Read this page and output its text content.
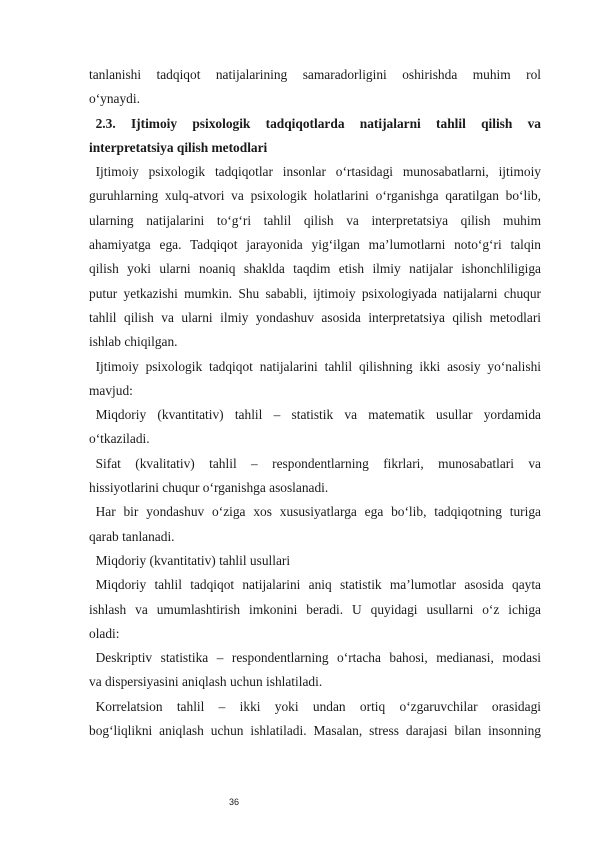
tanlanishi tadqiqot natijalarining samaradorligini oshirishda muhim rol
o‘ynaydi.
2.3. Ijtimoiy psixologik tadqiqotlarda natijalarni tahlil qilish va
interpretatsiya qilish metodlari
Ijtimoiy psixologik tadqiqotlar insonlar o‘rtasidagi munosabatlarni, ijtimoiy
guruhlarning xulq-atvori va psixologik holatlarini o‘rganishga qaratilgan bo‘lib,
ularning natijalarini to‘g‘ri tahlil qilish va interpretatsiya qilish muhim
ahamiyatga ega. Tadqiqot jarayonida yig‘ilgan ma’lumotlarni noto‘g‘ri talqin
qilish yoki ularni noaniq shaklda taqdim etish ilmiy natijalar ishonchliligiga
putur yetkazishi mumkin. Shu sababli, ijtimoiy psixologiyada natijalarni chuqur
tahlil qilish va ularni ilmiy yondashuv asosida interpretatsiya qilish metodlari
ishlab chiqilgan.
Ijtimoiy psixologik tadqiqot natijalarini tahlil qilishning ikki asosiy yo‘nalishi
mavjud:
Miqdoriy (kvantitativ) tahlil – statistik va matematik usullar yordamida
o‘tkaziladi.
Sifat (kvalitativ) tahlil – respondentlarning fikrlari, munosabatlari va
hissiyotlarini chuqur o‘rganishga asoslanadi.
Har bir yondashuv o‘ziga xos xususiyatlarga ega bo‘lib, tadqiqotning turiga
qarab tanlanadi.
Miqdoriy (kvantitativ) tahlil usullari
Miqdoriy tahlil tadqiqot natijalarini aniq statistik ma’lumotlar asosida qayta
ishlash va umumlashtirish imkonini beradi. U quyidagi usullarni o‘z ichiga
oladi:
Deskriptiv statistika – respondentlarning o‘rtacha bahosi, medianasi, modasi
va dispersiyasini aniqlash uchun ishlatiladi.
Korrelatsion tahlil – ikki yoki undan ortiq o‘zgaruvchilar orasidagi
bog‘liqlikni aniqlash uchun ishlatiladi. Masalan, stress darajasi bilan insonning
36
